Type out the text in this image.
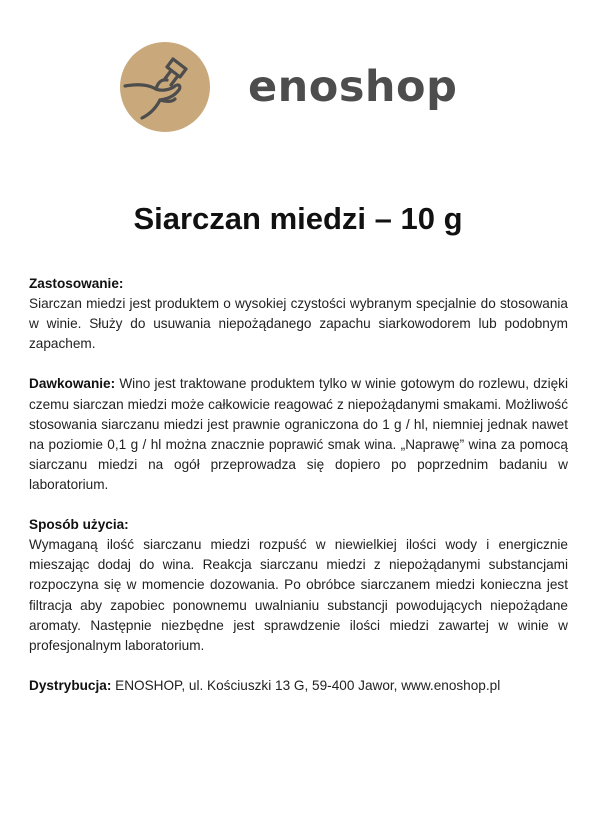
enoshop
Siarczan miedzi – 10 g
Zastosowanie:
Siarczan miedzi jest produktem o wysokiej czystości wybranym specjalnie do stosowania w winie. Służy do usuwania niepożądanego zapachu siarkowodorem lub podobnym zapachem.
Dawkowanie: Wino jest traktowane produktem tylko w winie gotowym do rozlewu, dzięki czemu siarczan miedzi może całkowicie reagować z niepożądanymi smakami. Możliwość stosowania siarczanu miedzi jest prawnie ograniczona do 1 g / hl, niemniej jednak nawet na poziomie 0,1 g / hl można znacznie poprawić smak wina. „Naprawę” wina za pomocą siarczanu miedzi na ogół przeprowadza się dopiero po poprzednim badaniu w laboratorium.
Sposób użycia:
Wymaganą ilość siarczanu miedzi rozpuść w niewielkiej ilości wody i energicznie mieszając dodaj do wina. Reakcja siarczanu miedzi z niepożądanymi substancjami rozpoczyna się w momencie dozowania. Po obróbce siarczanem miedzi konieczna jest filtracja aby zapobiec ponownemu uwalnianiu substancji powodujących niepożądane aromaty. Następnie niezbędne jest sprawdzenie ilości miedzi zawartej w winie w profesjonalnym laboratorium.
Dystrybucja: ENOSHOP, ul. Kościuszki 13 G, 59-400 Jawor, www.enoshop.pl
